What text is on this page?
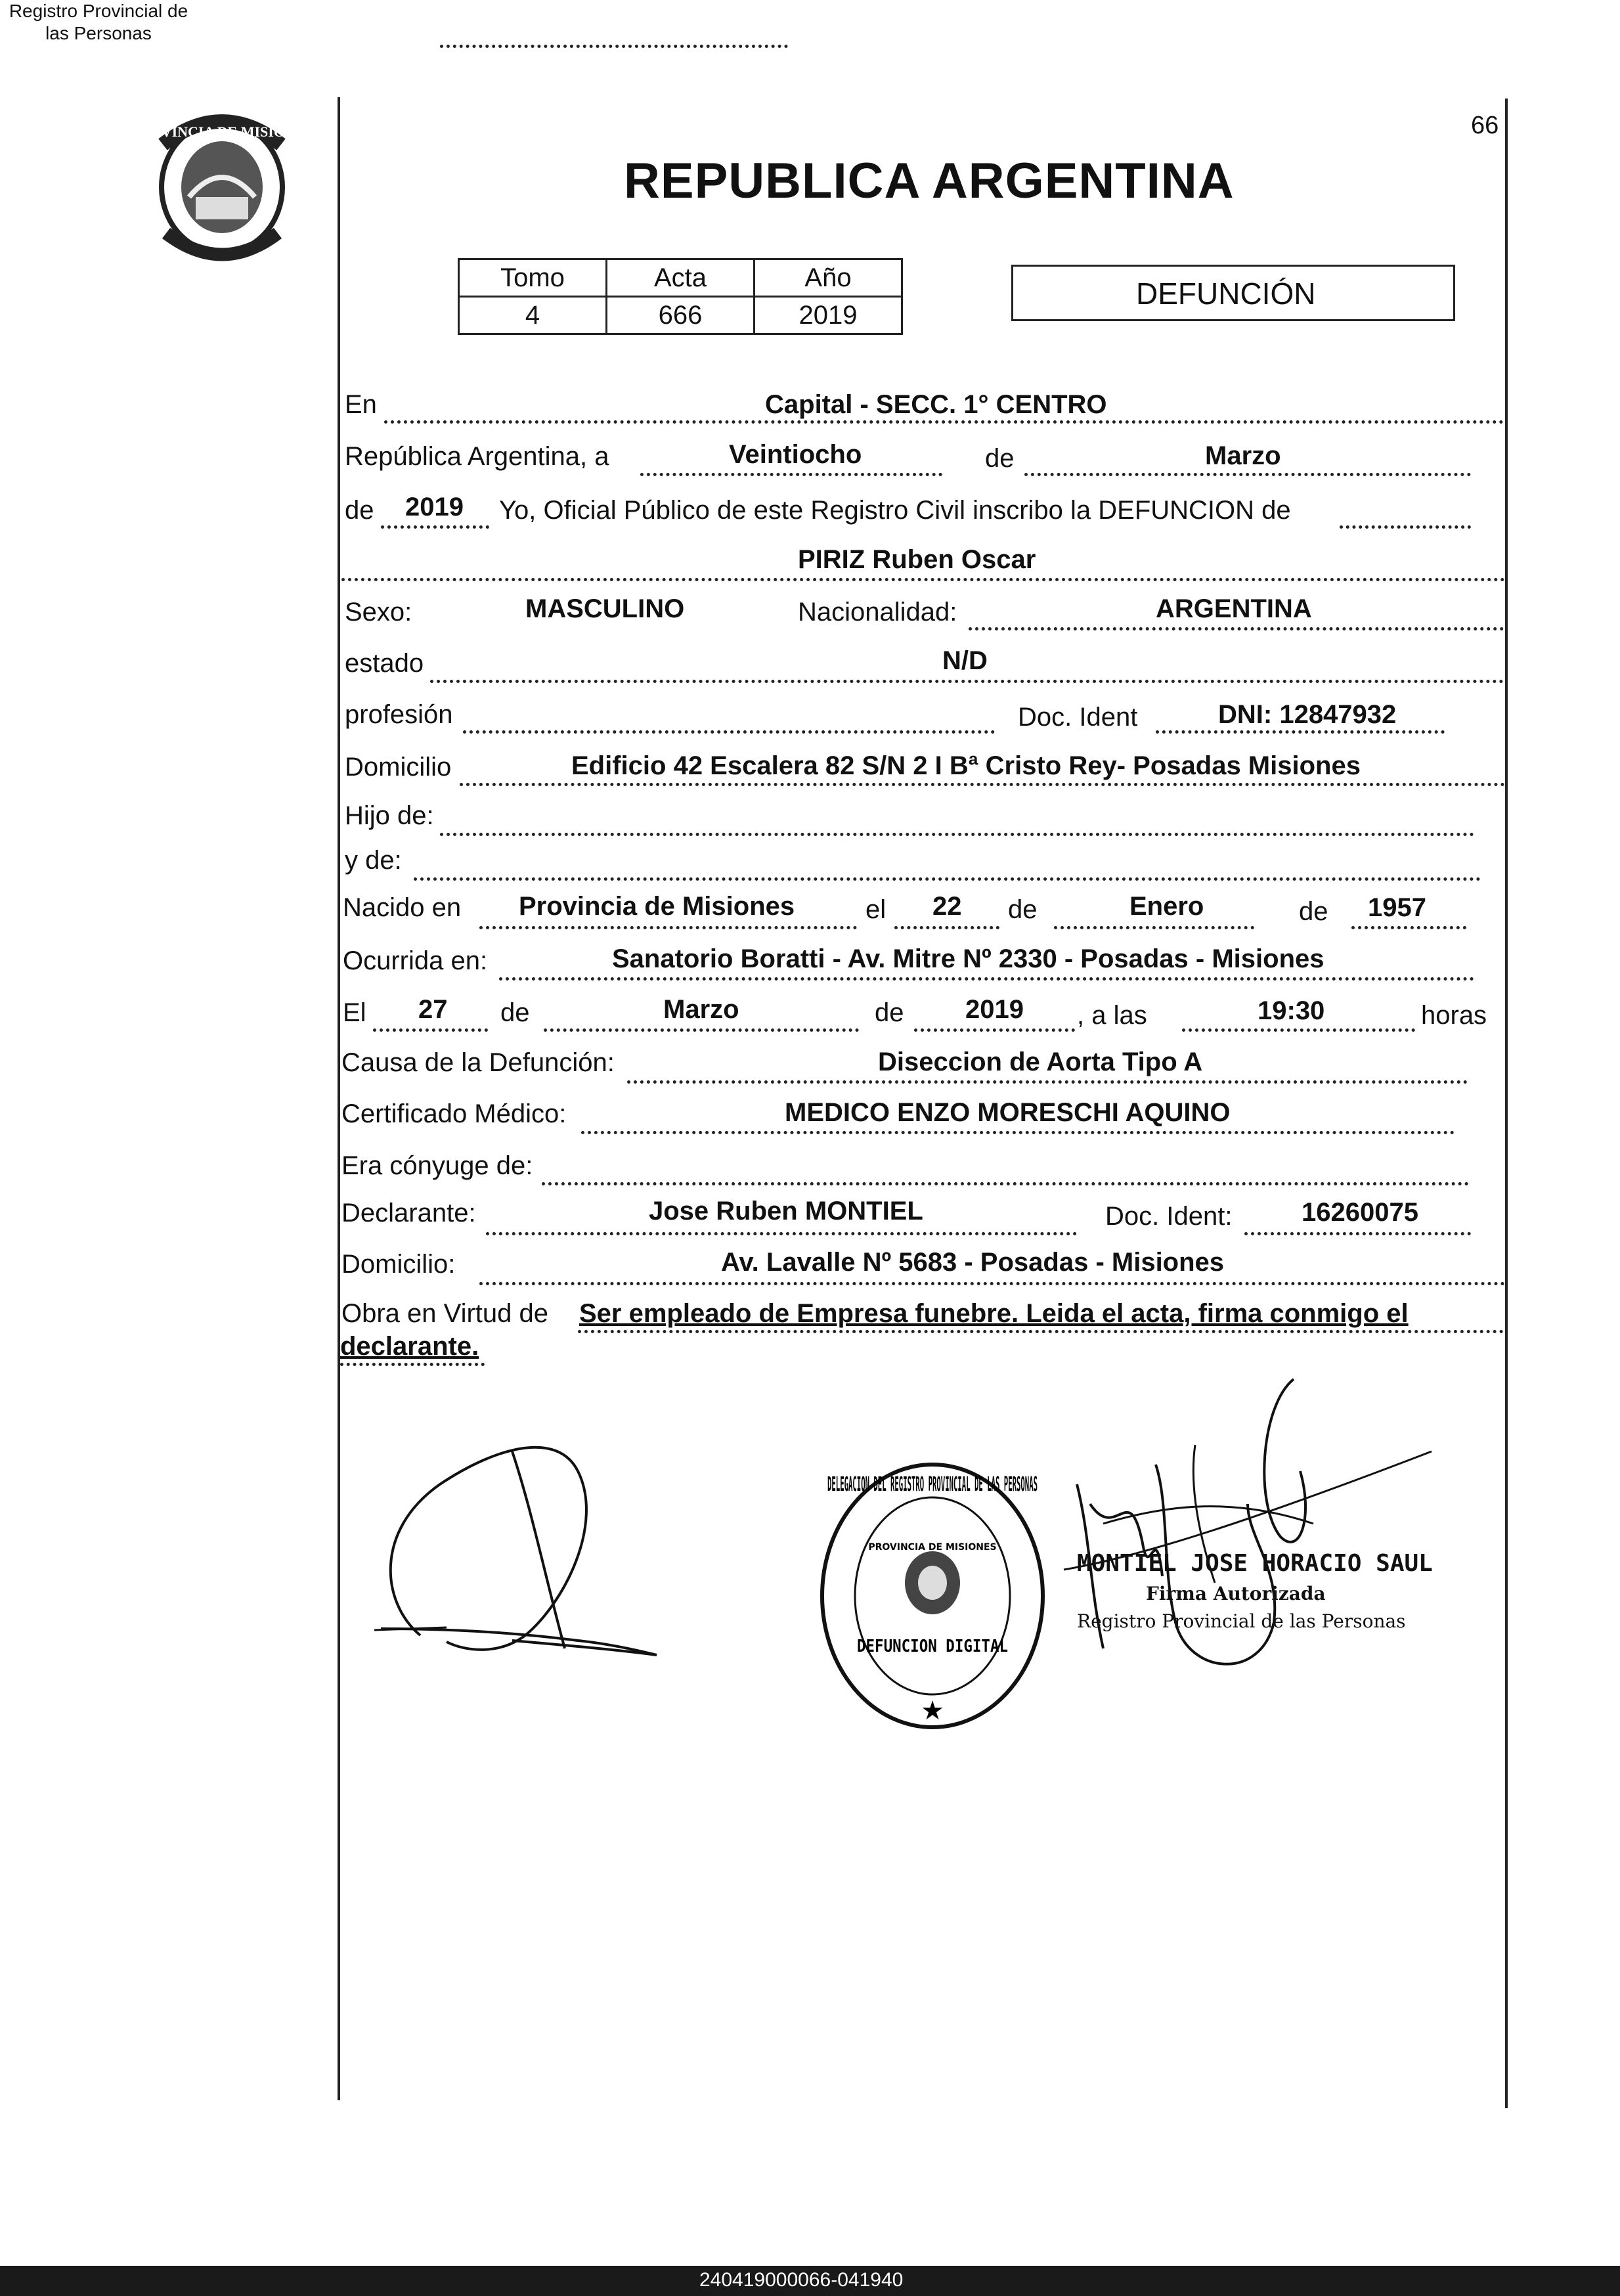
PROVINCIA DE MISIONES
Registro Provincial de las Personas
66
REPUBLICA ARGENTINA
Tomo	Acta	Año
4	666	2019
DEFUNCIÓN
En	Capital - SECC. 1° CENTRO
República Argentina, a	Veintiocho	de	Marzo
de 2019 Yo, Oficial Público de este Registro Civil inscribo la DEFUNCION de
PIRIZ Ruben Oscar
Sexo:	MASCULINO	Nacionalidad:	ARGENTINA
estado	N/D
profesión	Doc. Ident	DNI: 12847932
Domicilio	Edificio 42 Escalera 82 S/N 2 I Bª Cristo Rey- Posadas Misiones
Hijo de:
y de:
Nacido en Provincia de Misiones	el 22 de	Enero	de 1957
Ocurrida en:	Sanatorio Boratti - Av. Mitre Nº 2330 - Posadas - Misiones
El 27 de	Marzo	de 2019 , a las	19:30	horas
Causa de la Defunción:	Diseccion de Aorta Tipo A
Certificado Médico:	MEDICO ENZO MORESCHI AQUINO
Era cónyuge de:
Declarante:	Jose Ruben MONTIEL	Doc. Ident:	16260075
Domicilio:	Av. Lavalle Nº 5683 - Posadas - Misiones
Obra en Virtud de Ser empleado de Empresa funebre. Leida el acta, firma conmigo el
declarante.
DELEGACION DEL REGISTRO PROVINCIAL DE LAS PERSONAS
DEFUNCION DIGITAL
PROVINCIA DE MISIONES
★
MONTIEL JOSE HORACIO SAUL
Firma Autorizada
Registro Provincial de las Personas
240419000066-041940
